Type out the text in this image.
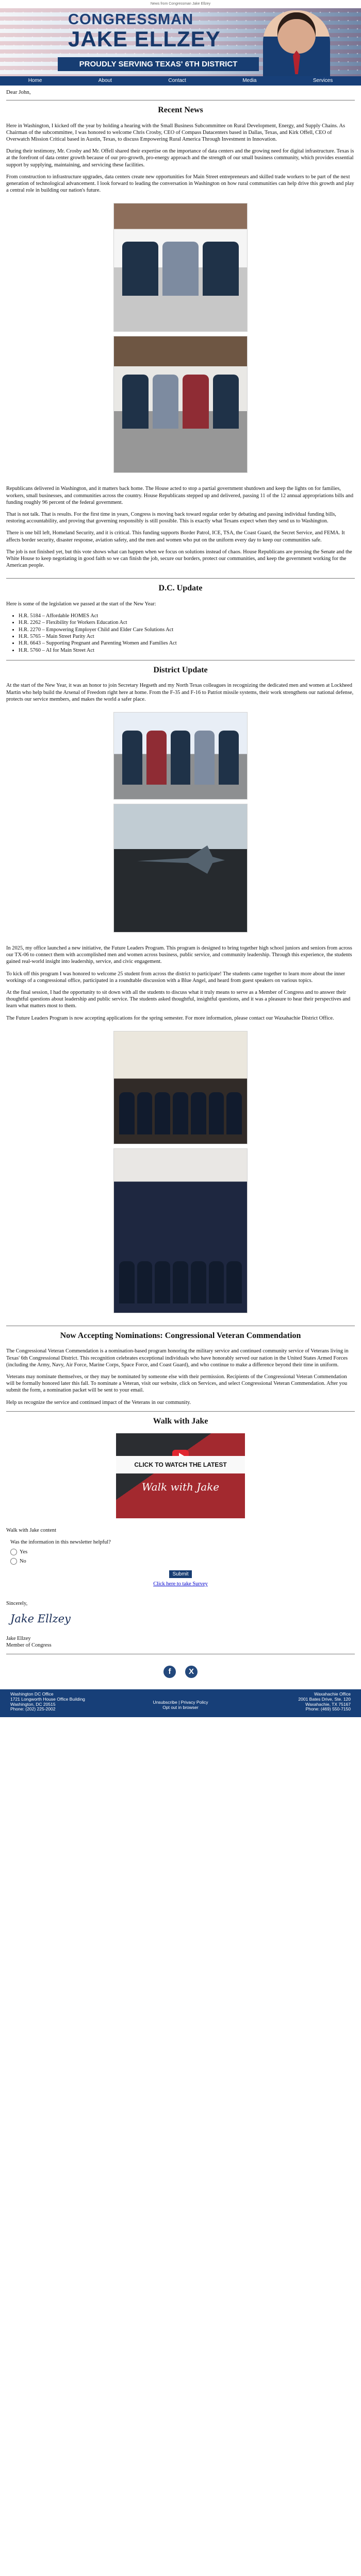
News from Congressman Jake Ellzey
CONGRESSMAN
JAKE ELLZEY
PROUDLY SERVING TEXAS' 6TH DISTRICT
Home	About	Contact	Media	Services
Dear John,
Recent News

Here in Washington, I kicked off the year by holding a hearing with the Small Business Subcommittee on Rural Development, Energy, and Supply Chains. As Chairman of the subcommittee, I was honored to welcome Chris Crosby, CEO of Compass Datacenters based in Dallas, Texas, and Kirk Offell, CEO of Overwatch Mission Critical based in Austin, Texas, to discuss Empowering Rural America Through Investment in Innovation.

During their testimony, Mr. Crosby and Mr. Offell shared their expertise on the importance of data centers and the growing need for digital infrastructure. Texas is at the forefront of data center growth because of our pro-growth, pro-energy approach and the strength of our small business community, which provides essential support by supplying, maintaining, and servicing these facilities.

From construction to infrastructure upgrades, data centers create new opportunities for Main Street entrepreneurs and skilled trade workers to be part of the next generation of technological advancement. I look forward to leading the conversation in Washington on how rural communities can help drive this growth and play a central role in building our nation's future.

Republicans delivered in Washington, and it matters back home. The House acted to stop a partial government shutdown and keep the lights on for families, workers, small businesses, and communities across the country. House Republicans stepped up and delivered, passing 11 of the 12 annual appropriations bills and funding roughly 96 percent of the federal government.

That is not talk. That is results. For the first time in years, Congress is moving back toward regular order by debating and passing individual funding bills, restoring accountability, and proving that governing responsibly is still possible. This is exactly what Texans expect when they send us to Washington.

There is one bill left, Homeland Security, and it is critical. This funding supports Border Patrol, ICE, TSA, the Coast Guard, the Secret Service, and FEMA. It affects border security, disaster response, aviation safety, and the men and women who put on the uniform every day to keep our communities safe.

The job is not finished yet, but this vote shows what can happen when we focus on solutions instead of chaos. House Republicans are pressing the Senate and the White House to keep negotiating in good faith so we can finish the job, secure our borders, protect our communities, and keep the government working for the American people.

D.C. Update

Here is some of the legislation we passed at the start of the New Year:

• H.R. 5184 – Affordable HOMES Act
• H.R. 2262 – Flexibility for Workers Education Act
• H.R. 2270 – Empowering Employer Child and Elder Care Solutions Act
• H.R. 5765 – Main Street Parity Act
• H.R. 6643 – Supporting Pregnant and Parenting Women and Families Act
• H.R. 5760 – AI for Main Street Act
District Update

At the start of the New Year, it was an honor to join Secretary Hegseth and my North Texas colleagues in recognizing the dedicated men and women at Lockheed Martin who help build the Arsenal of Freedom right here at home. From the F-35 and F-16 to Patriot missile systems, their work strengthens our national defense, protects our service members, and makes the world a safer place.

In 2025, my office launched a new initiative, the Future Leaders Program. This program is designed to bring together high school juniors and seniors from across our TX-06 to connect them with accomplished men and women across business, public service, and community leadership. Through this experience, the students gained real-world insight into leadership, service, and civic engagement.

To kick off this program I was honored to welcome 25 student from across the district to participate! The students came together to learn more about the inner workings of a congressional office, participated in a roundtable discussion with a Blue Angel, and heard from guest speakers on various topics.

At the final session, I had the opportunity to sit down with all the students to discuss what it truly means to serve as a Member of Congress and to answer their thoughtful questions about leadership and public service. The students asked thoughtful, insightful questions, and it was a pleasure to hear their perspectives and learn what matters most to them.

The Future Leaders Program is now accepting applications for the spring semester. For more information, please contact our Waxahachie District Office.

Now Accepting Nominations: Congressional Veteran Commendation

The Congressional Veteran Commendation is a nomination-based program honoring the military service and continued community service of Veterans living in Texas' 6th Congressional District. This recognition celebrates exceptional individuals who have honorably served our nation in the United States Armed Forces (including the Army, Navy, Air Force, Marine Corps, Space Force, and Coast Guard), and who continue to make a difference beyond their time in uniform.

Veterans may nominate themselves, or they may be nominated by someone else with their permission. Recipients of the Congressional Veteran Commendation will be formally honored later this fall. To nominate a Veteran, visit our website, click on Services, and select Congressional Veteran Commendation. After you submit the form, a nomination packet will be sent to your email.

Help us recognize the service and continued impact of the Veterans in our community.

Walk with Jake
CLICK TO WATCH THE LATEST
Walk with Jake

Walk with Jake content

Was the information in this newsletter helpful?
Yes
No
Submit
Click here to take Survey

Sincerely,

Jake Ellzey

Jake Ellzey

Member of Congress

f	X
Washington DC Office
1721 Longworth House Office Building
Washington, DC 20515
Phone: (202) 225-2002
Unsubscribe | Privacy Policy
Opt out in browser
Waxahachie Office
2001 Bates Drive, Ste. 120
Waxahachie, TX 75167
Phone: (469) 550-7150
